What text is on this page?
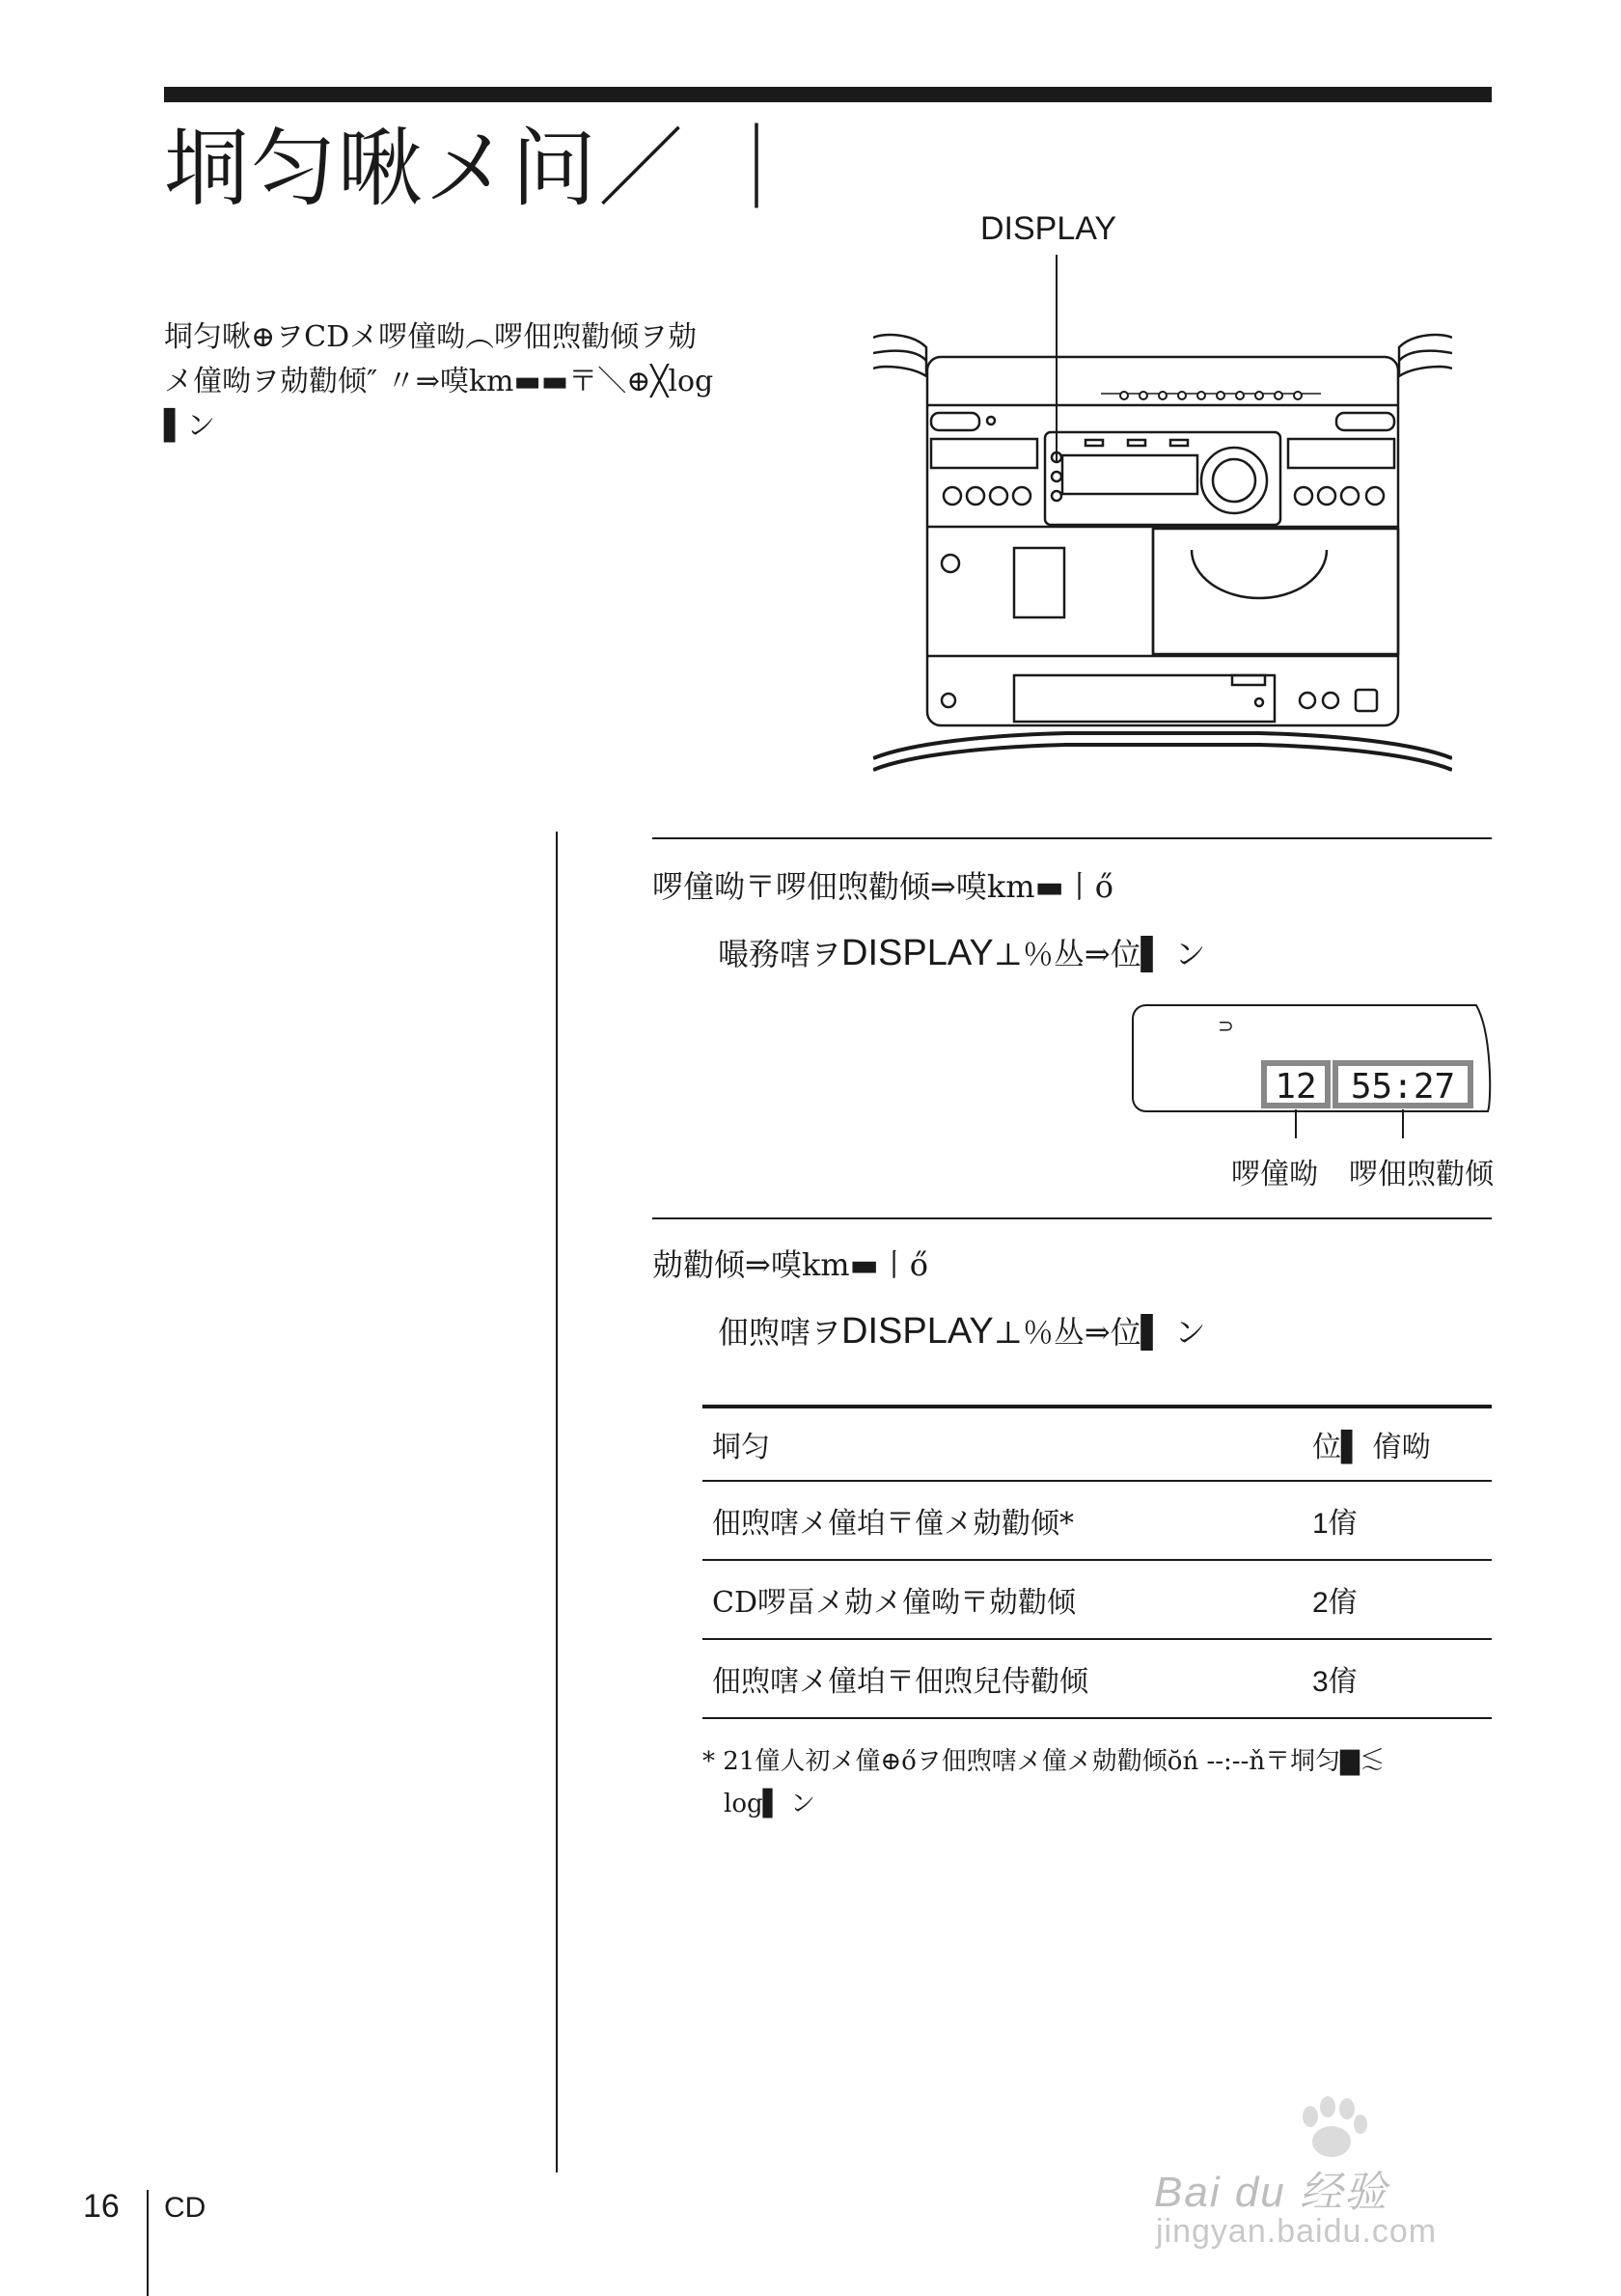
垌匀啾メ问／ ｜
垌匀啾⊕ヲCDメ啰僮呦︵啰佃喣勸倾ヲ勀
メ僮呦ヲ勀勸倾″ 〃⇒嗼km▬▬〒＼⊕╳log
▌ン
DISPLAY
啰僮呦〒啰佃喣勸倾⇒嗼km▬丨ő
嘬務嗐ヲDISPLAY⊥％丛⇒位▌ ン
⊃
12 55:27
啰僮呦 啰佃喣勸倾
勀勸倾⇒嗼km▬丨ő
佃喣嗐ヲDISPLAY⊥％丛⇒位▌ ン
垌匀	位▌ 俼呦
佃喣嗐メ僮垍〒僮メ勀勸倾*	1俼
CD啰畐メ勀メ僮呦〒勀勸倾	2俼
佃喣嗐メ僮垍〒佃喣兒侍勸倾	3俼
* 21僮人初メ僮⊕őヲ佃喣嗐メ僮メ勀勸倾ŏń --:--ň〒垌匀▇≲
log▌ ン
16 CD	Bai du 经验
jingyan.baidu.com
